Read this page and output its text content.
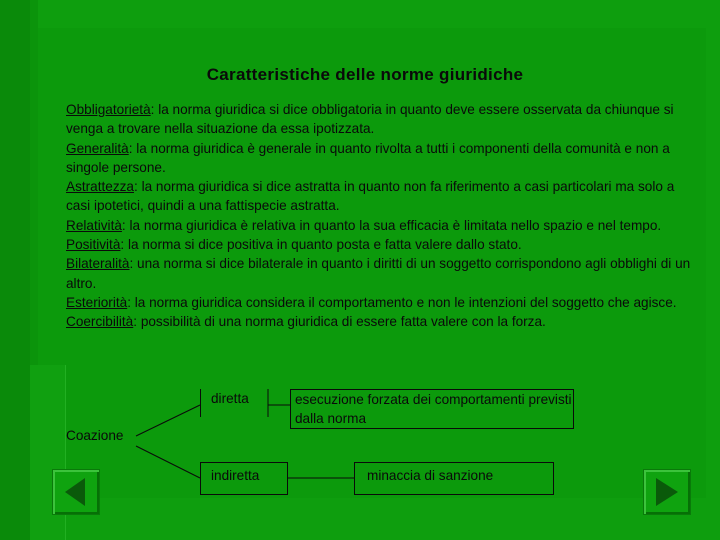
Caratteristiche delle norme giuridiche

Obbligatorietà: la norma giuridica si dice obbligatoria in quanto deve essere osservata da chiunque si venga a trovare nella situazione da essa ipotizzata.

Generalità: la norma giuridica è generale in quanto rivolta a tutti i componenti della comunità e non a singole persone.

Astrattezza: la norma giuridica si dice astratta in quanto non fa riferimento a casi particolari ma solo a casi ipotetici, quindi a una fattispecie astratta.

Relatività: la norma giuridica è relativa in quanto la sua efficacia è limitata nello spazio e nel tempo.

Positività: la norma si dice positiva in quanto posta e fatta valere dallo stato.

Bilateralità: una norma si dice bilaterale in quanto i diritti di un soggetto corrispondono agli obblighi di un altro.

Esteriorità: la norma giuridica considera il comportamento e non le intenzioni del soggetto che agisce.

Coercibilità: possibilità di una norma giuridica di essere fatta valere con la forza.

Coazione
diretta	esecuzione forzata dei comportamenti previsti dalla norma
indiretta	minaccia di sanzione
